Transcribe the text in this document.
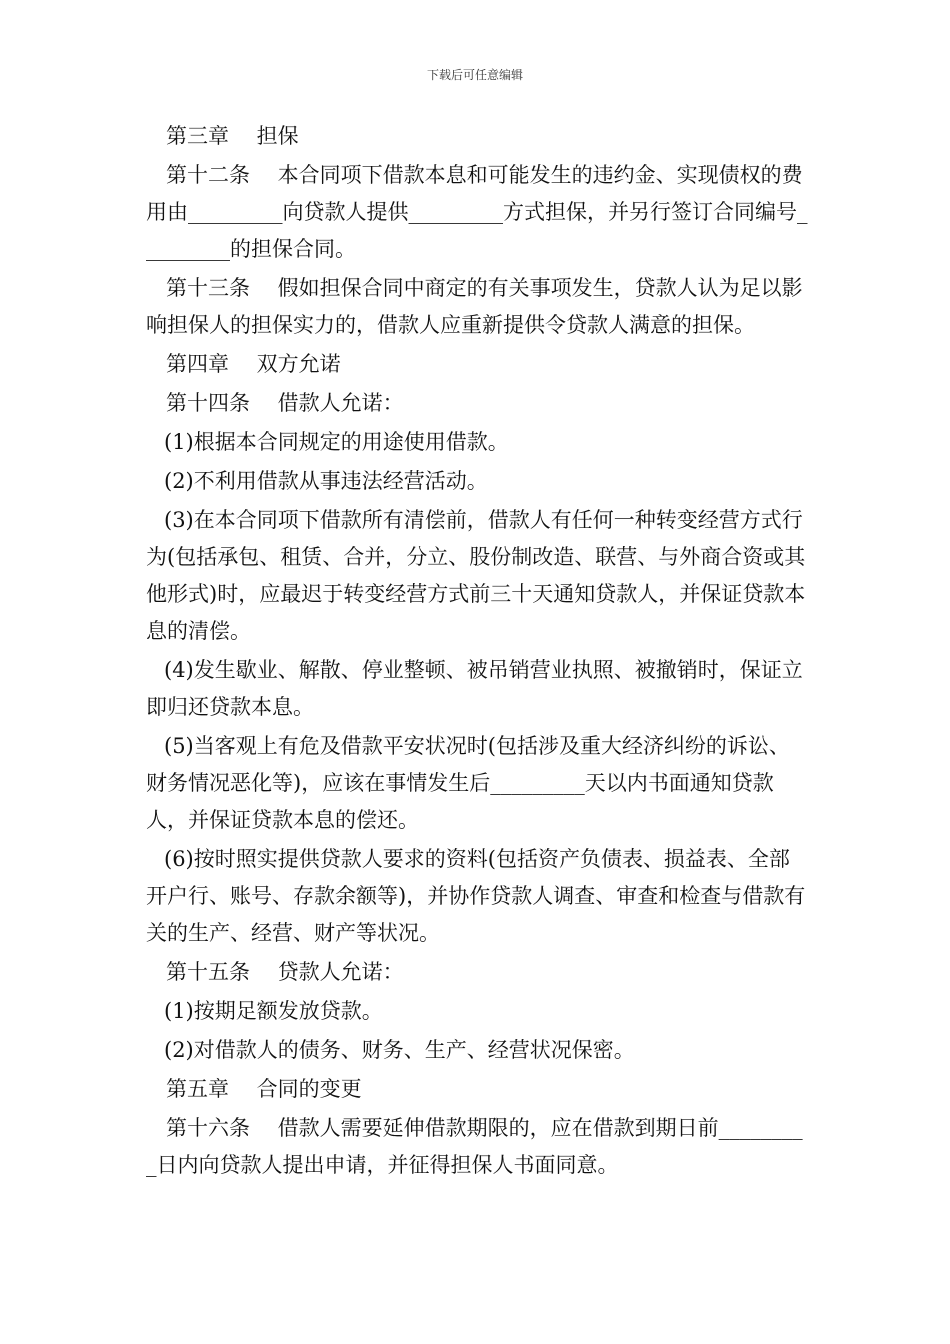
下载后可任意编辑

第三章　 担保

第十二条　 本合同项下借款本息和可能发生的违约金、实现债权的费用由_________向贷款人提供_________方式担保，并另行签订合同编号_________的担保合同。

第十三条　 假如担保合同中商定的有关事项发生，贷款人认为足以影响担保人的担保实力的，借款人应重新提供令贷款人满意的担保。

第四章　 双方允诺

第十四条　 借款人允诺：

(1)根据本合同规定的用途使用借款。

(2)不利用借款从事违法经营活动。

(3)在本合同项下借款所有清偿前，借款人有任何一种转变经营方式行为(包括承包、租赁、合并，分立、股份制改造、联营、与外商合资或其他形式)时，应最迟于转变经营方式前三十天通知贷款人，并保证贷款本息的清偿。

(4)发生歇业、解散、停业整顿、被吊销营业执照、被撤销时，保证立即归还贷款本息。

(5)当客观上有危及借款平安状况时(包括涉及重大经济纠纷的诉讼、财务情况恶化等)，应该在事情发生后_________天以内书面通知贷款人，并保证贷款本息的偿还。

(6)按时照实提供贷款人要求的资料(包括资产负债表、损益表、全部开户行、账号、存款余额等)，并协作贷款人调查、审查和检查与借款有关的生产、经营、财产等状况。

第十五条　 贷款人允诺：

(1)按期足额发放贷款。

(2)对借款人的债务、财务、生产、经营状况保密。

第五章　 合同的变更

第十六条　 借款人需要延伸借款期限的，应在借款到期日前_________日内向贷款人提出申请，并征得担保人书面同意。
